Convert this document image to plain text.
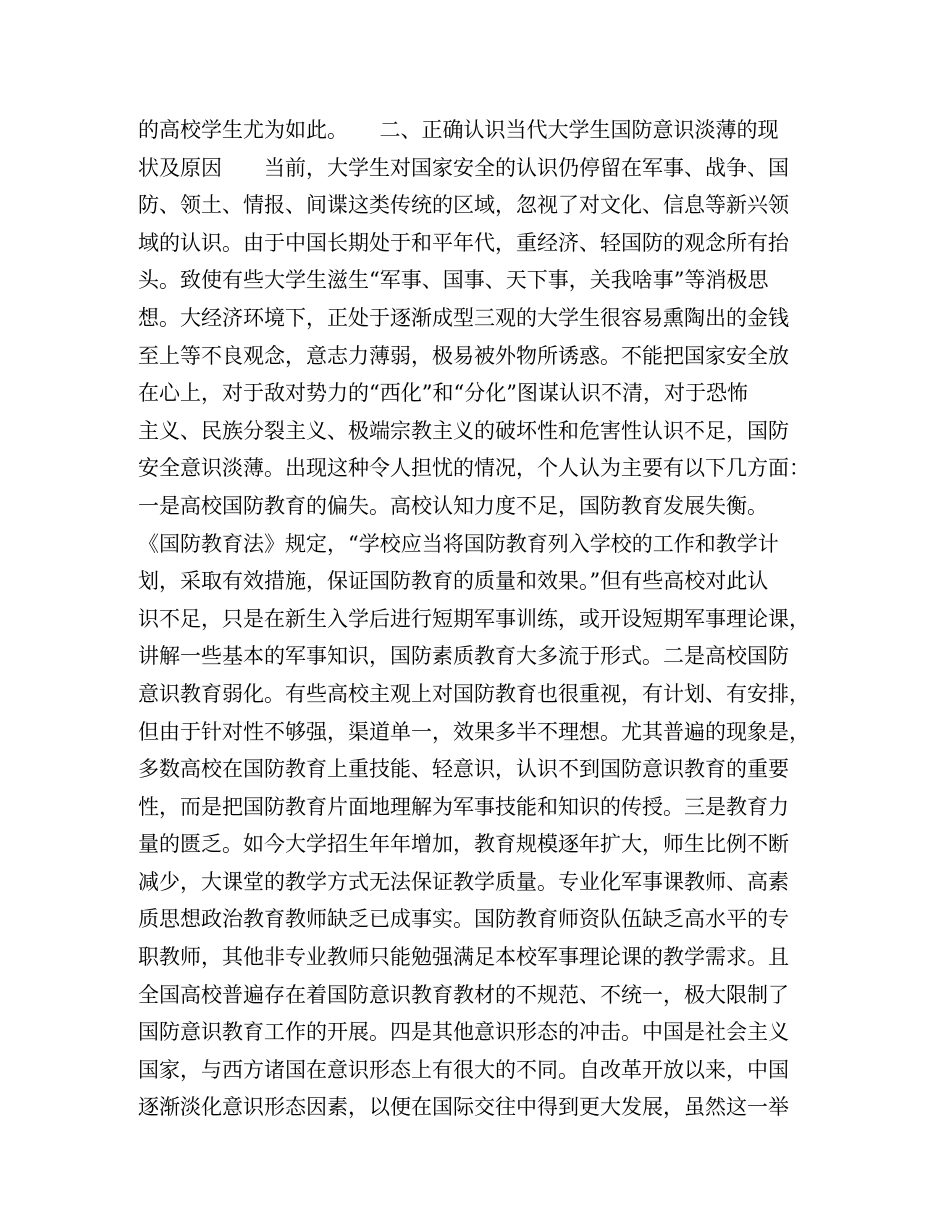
的高校学生尤为如此。　　二、正确认识当代大学生国防意识淡薄的现
状及原因　　当前，大学生对国家安全的认识仍停留在军事、战争、国
防、领土、情报、间谍这类传统的区域，忽视了对文化、信息等新兴领
域的认识。由于中国长期处于和平年代，重经济、轻国防的观念所有抬
头。致使有些大学生滋生“军事、国事、天下事，关我啥事”等消极思
想。大经济环境下，正处于逐渐成型三观的大学生很容易熏陶出的金钱
至上等不良观念，意志力薄弱，极易被外物所诱惑。不能把国家安全放
在心上，对于敌对势力的“西化”和“分化”图谋认识不清，对于恐怖
主义、民族分裂主义、极端宗教主义的破坏性和危害性认识不足，国防
安全意识淡薄。出现这种令人担忧的情况，个人认为主要有以下几方面：
一是高校国防教育的偏失。高校认知力度不足，国防教育发展失衡。
《国防教育法》规定，“学校应当将国防教育列入学校的工作和教学计
划，采取有效措施，保证国防教育的质量和效果。”但有些高校对此认
识不足，只是在新生入学后进行短期军事训练，或开设短期军事理论课，
讲解一些基本的军事知识，国防素质教育大多流于形式。二是高校国防
意识教育弱化。有些高校主观上对国防教育也很重视，有计划、有安排，
但由于针对性不够强，渠道单一，效果多半不理想。尤其普遍的现象是，
多数高校在国防教育上重技能、轻意识，认识不到国防意识教育的重要
性，而是把国防教育片面地理解为军事技能和知识的传授。三是教育力
量的匮乏。如今大学招生年年增加，教育规模逐年扩大，师生比例不断
减少，大课堂的教学方式无法保证教学质量。专业化军事课教师、高素
质思想政治教育教师缺乏已成事实。国防教育师资队伍缺乏高水平的专
职教师，其他非专业教师只能勉强满足本校军事理论课的教学需求。且
全国高校普遍存在着国防意识教育教材的不规范、不统一，极大限制了
国防意识教育工作的开展。四是其他意识形态的冲击。中国是社会主义
国家，与西方诸国在意识形态上有很大的不同。自改革开放以来，中国
逐渐淡化意识形态因素，以便在国际交往中得到更大发展，虽然这一举
